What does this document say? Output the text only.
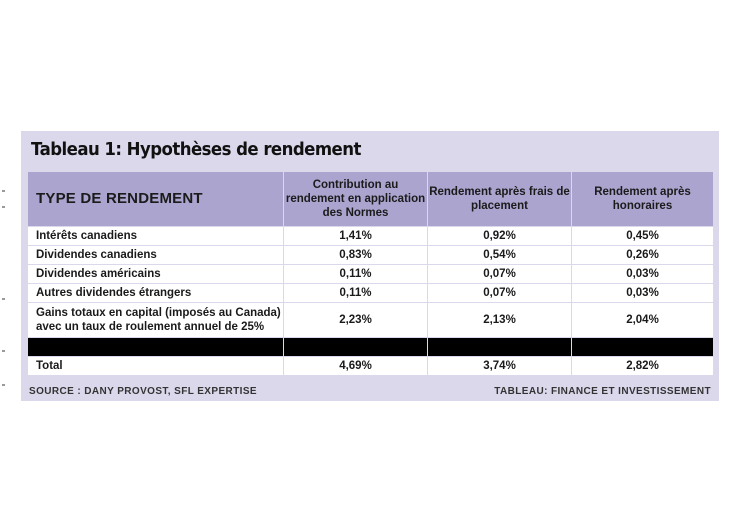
Tableau 1: Hypothèses de rendement
TYPE DE RENDEMENT	Contribution au rendement en application des Normes	Rendement après frais de placement	Rendement après honoraires
Intérêts canadiens	1,41%	0,92%	0,45%
Dividendes canadiens	0,83%	0,54%	0,26%
Dividendes américains	0,11%	0,07%	0,03%
Autres dividendes étrangers	0,11%	0,07%	0,03%
Gains totaux en capital (imposés au Canada) avec un taux de roulement annuel de 25%	2,23%	2,13%	2,04%

Total	4,69%	3,74%	2,82%
SOURCE : DANY PROVOST, SFL EXPERTISE	TABLEAU: FINANCE ET INVESTISSEMENT
